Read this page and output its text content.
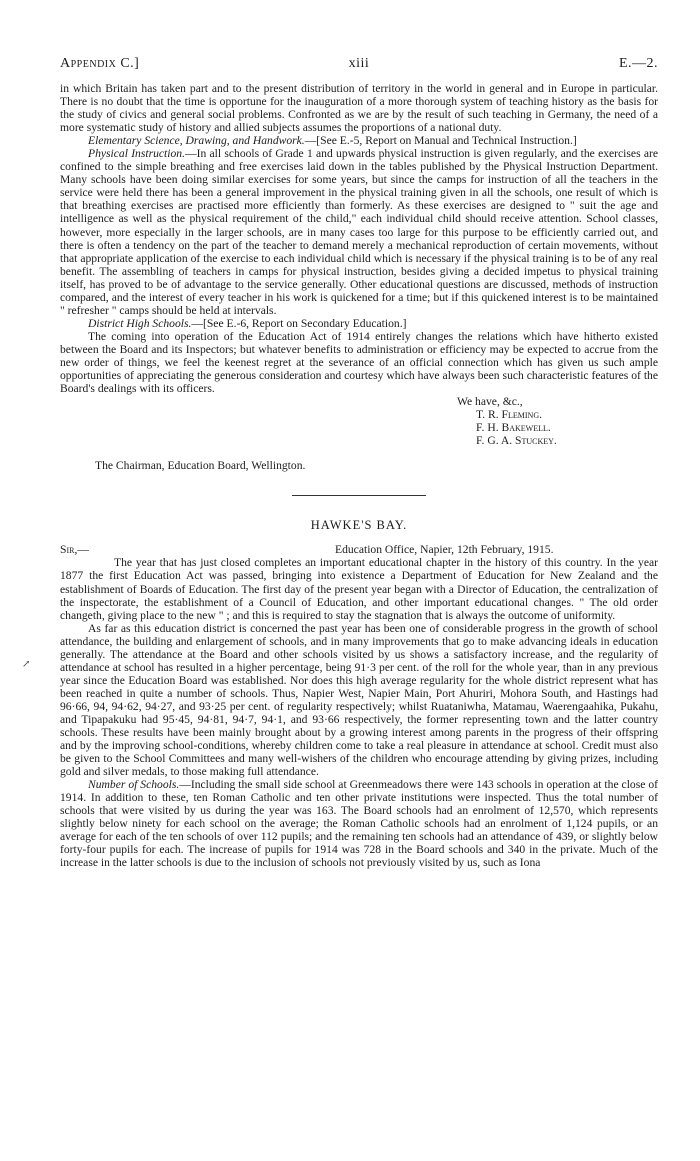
Appendix C.]	xiii	E.—2.

in which Britain has taken part and to the present distribution of territory in the world in general and in Europe in particular. There is no doubt that the time is opportune for the inauguration of a more thorough system of teaching history as the basis for the study of civics and general social problems. Confronted as we are by the result of such teaching in Germany, the need of a more systematic study of history and allied subjects assumes the proportions of a national duty.

Elementary Science, Drawing, and Handwork.—[See E.-5, Report on Manual and Technical Instruction.]

Physical Instruction.—In all schools of Grade 1 and upwards physical instruction is given regularly, and the exercises are confined to the simple breathing and free exercises laid down in the tables published by the Physical Instruction Department. Many schools have been doing similar exercises for some years, but since the camps for instruction of all the teachers in the service were held there has been a general improvement in the physical training given in all the schools, one result of which is that breathing exercises are practised more efficiently than formerly. As these exercises are designed to " suit the age and intelligence as well as the physical requirement of the child," each individual child should receive attention. School classes, however, more especially in the larger schools, are in many cases too large for this purpose to be efficiently carried out, and there is often a tendency on the part of the teacher to demand merely a mechanical reproduction of certain movements, without that appropriate application of the exercise to each individual child which is necessary if the physical training is to be of any real benefit. The assembling of teachers in camps for physical instruction, besides giving a decided impetus to physical training itself, has proved to be of advantage to the service generally. Other educational questions are discussed, methods of instruction compared, and the interest of every teacher in his work is quickened for a time; but if this quickened interest is to be maintained " refresher " camps should be held at intervals.

District High Schools.—[See E.-6, Report on Secondary Education.]

The coming into operation of the Education Act of 1914 entirely changes the relations which have hitherto existed between the Board and its Inspectors; but whatever benefits to administration or efficiency may be expected to accrue from the new order of things, we feel the keenest regret at the severance of an official connection which has given us such ample opportunities of appreciating the generous consideration and courtesy which have always been such characteristic features of the Board's dealings with its officers.

We have, &c.,
T. R. Fleming.
F. H. Bakewell.
F. G. A. Stuckey.
The Chairman, Education Board, Wellington.
HAWKE'S BAY.
Sir,—	Education Office, Napier, 12th February, 1915.

The year that has just closed completes an important educational chapter in the history of this country. In the year 1877 the first Education Act was passed, bringing into existence a Department of Education for New Zealand and the establishment of Boards of Education. The first day of the present year began with a Director of Education, the centralization of the inspectorate, the establishment of a Council of Education, and other important educational changes. " The old order changeth, giving place to the new " ; and this is required to stay the stagnation that is always the outcome of uniformity.

As far as this education district is concerned the past year has been one of considerable progress in the growth of school attendance, the building and enlargement of schools, and in many improvements that go to make advancing ideals in education generally. The attendance at the Board and other schools visited by us shows a satisfactory increase, and the regularity of attendance at school has resulted in a higher percentage, being 91·3 per cent. of the roll for the whole year, than in any previous year since the Education Board was established. Nor does this high average regularity for the whole district represent what has been reached in quite a number of schools. Thus, Napier West, Napier Main, Port Ahuriri, Mohora South, and Hastings had 96·66, 94, 94·62, 94·27, and 93·25 per cent. of regularity respectively; whilst Ruataniwha, Matamau, Waerengaahika, Pukahu, and Tipapakuku had 95·45, 94·81, 94·7, 94·1, and 93·66 respectively, the former representing town and the latter country schools. These results have been mainly brought about by a growing interest among parents in the progress of their offspring and by the improving school-conditions, whereby children come to take a real pleasure in attendance at school. Credit must also be given to the School Committees and many well-wishers of the children who encourage attending by giving prizes, including gold and silver medals, to those making full attendance.

Number of Schools.—Including the small side school at Greenmeadows there were 143 schools in operation at the close of 1914. In addition to these, ten Roman Catholic and ten other private institutions were inspected. Thus the total number of schools that were visited by us during the year was 163. The Board schools had an enrolment of 12,570, which represents slightly below ninety for each school on the average; the Roman Catholic schools had an enrolment of 1,124 pupils, or an average for each of the ten schools of over 112 pupils; and the remaining ten schools had an attendance of 439, or slightly below forty-four pupils for each. The increase of pupils for 1914 was 728 in the Board schools and 340 in the private. Much of the increase in the latter schools is due to the inclusion of schools not previously visited by us, such as Iona

↗
